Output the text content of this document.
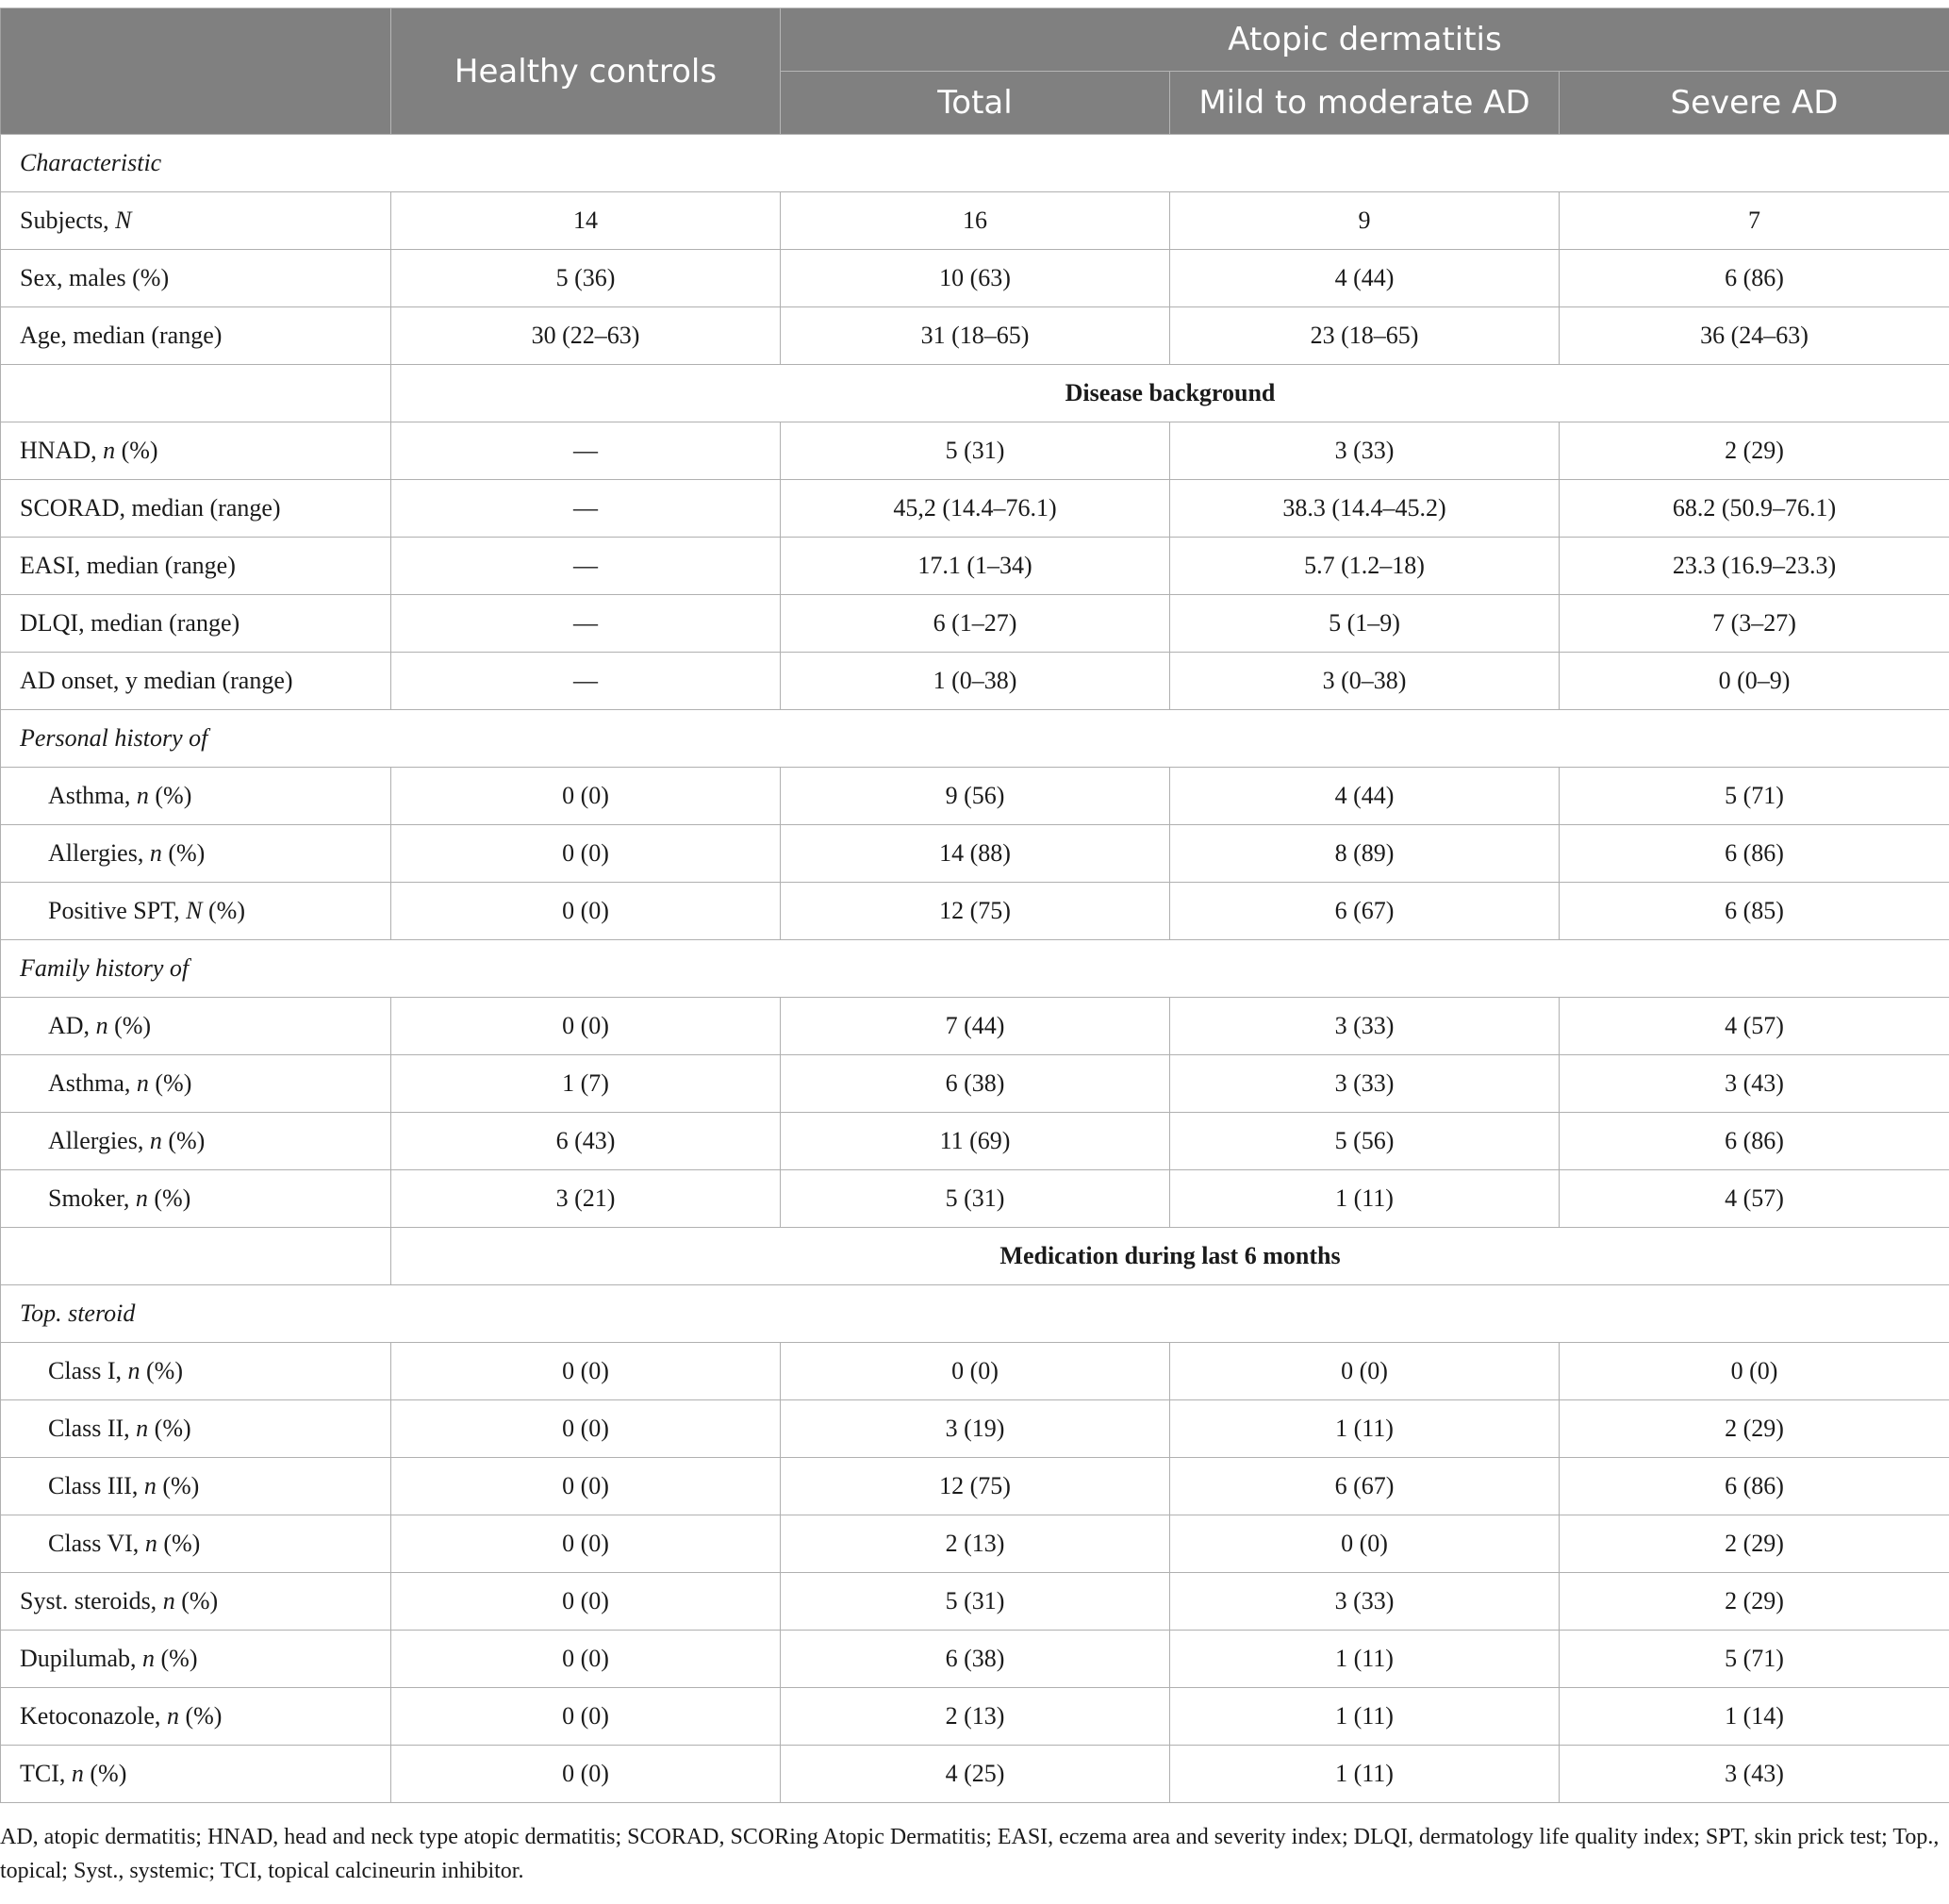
	Healthy controls	Atopic dermatitis		
		Total	Mild to moderate AD	Severe AD
Characteristic				
Subjects, N	14	16	9	7
Sex, males (%)	5 (36)	10 (63)	4 (44)	6 (86)
Age, median (range)	30 (22–63)	31 (18–65)	23 (18–65)	36 (24–63)
	Disease background			
HNAD, n (%)	—	5 (31)	3 (33)	2 (29)
SCORAD, median (range)	—	45,2 (14.4–76.1)	38.3 (14.4–45.2)	68.2 (50.9–76.1)
EASI, median (range)	—	17.1 (1–34)	5.7 (1.2–18)	23.3 (16.9–23.3)
DLQI, median (range)	—	6 (1–27)	5 (1–9)	7 (3–27)
AD onset, y median (range)	—	1 (0–38)	3 (0–38)	0 (0–9)
Personal history of				
Asthma, n (%)	0 (0)	9 (56)	4 (44)	5 (71)
Allergies, n (%)	0 (0)	14 (88)	8 (89)	6 (86)
Positive SPT, N (%)	0 (0)	12 (75)	6 (67)	6 (85)
Family history of				
AD, n (%)	0 (0)	7 (44)	3 (33)	4 (57)
Asthma, n (%)	1 (7)	6 (38)	3 (33)	3 (43)
Allergies, n (%)	6 (43)	11 (69)	5 (56)	6 (86)
Smoker, n (%)	3 (21)	5 (31)	1 (11)	4 (57)
	Medication during last 6 months			
Top. steroid				
Class I, n (%)	0 (0)	0 (0)	0 (0)	0 (0)
Class II, n (%)	0 (0)	3 (19)	1 (11)	2 (29)
Class III, n (%)	0 (0)	12 (75)	6 (67)	6 (86)
Class VI, n (%)	0 (0)	2 (13)	0 (0)	2 (29)
Syst. steroids, n (%)	0 (0)	5 (31)	3 (33)	2 (29)
Dupilumab, n (%)	0 (0)	6 (38)	1 (11)	5 (71)
Ketoconazole, n (%)	0 (0)	2 (13)	1 (11)	1 (14)
TCI, n (%)	0 (0)	4 (25)	1 (11)	3 (43)
AD, atopic dermatitis; HNAD, head and neck type atopic dermatitis; SCORAD, SCORing Atopic Dermatitis; EASI, eczema area and severity index; DLQI, dermatology life quality index; SPT, skin prick test; Top., topical; Syst., systemic; TCI, topical calcineurin inhibitor.
